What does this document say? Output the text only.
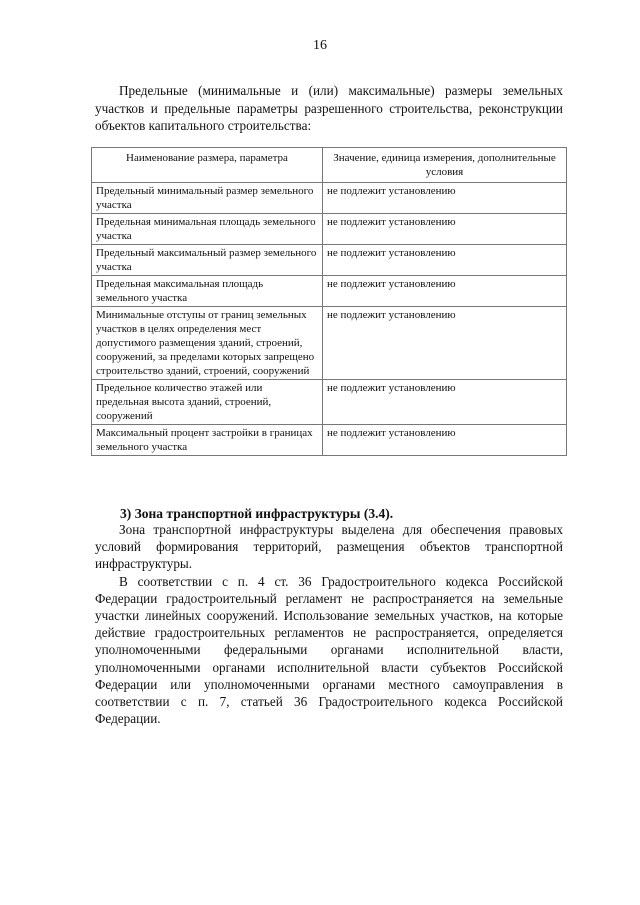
16

Предельные (минимальные и (или) максимальные) размеры земельных участков и предельные параметры разрешенного строительства, реконструкции объектов капитального строительства:

Наименование размера, параметра	Значение, единица измерения, дополнительные условия
Предельный минимальный размер земельного участка	не подлежит установлению
Предельная минимальная площадь земельного участка	не подлежит установлению
Предельный максимальный размер земельного участка	не подлежит установлению
Предельная максимальная площадь земельного участка	не подлежит установлению
Минимальные отступы от границ земельных участков в целях определения мест допустимого размещения зданий, строений, сооружений, за пределами которых запрещено строительство зданий, строений, сооружений	не подлежит установлению
Предельное количество этажей или предельная высота зданий, строений, сооружений	не подлежит установлению
Максимальный процент застройки в границах земельного участка	не подлежит установлению
3) Зона транспортной инфраструктуры (3.4).

Зона транспортной инфраструктуры выделена для обеспечения правовых условий формирования территорий, размещения объектов транспортной инфраструктуры.

В соответствии с п. 4 ст. 36 Градостроительного кодекса Российской Федерации градостроительный регламент не распространяется на земельные участки линейных сооружений. Использование земельных участков, на которые действие градостроительных регламентов не распространяется, определяется уполномоченными федеральными органами исполнительной власти, уполномоченными органами исполнительной власти субъектов Российской Федерации или уполномоченными органами местного самоуправления в соответствии с п. 7, статьей 36 Градостроительного кодекса Российской Федерации.
